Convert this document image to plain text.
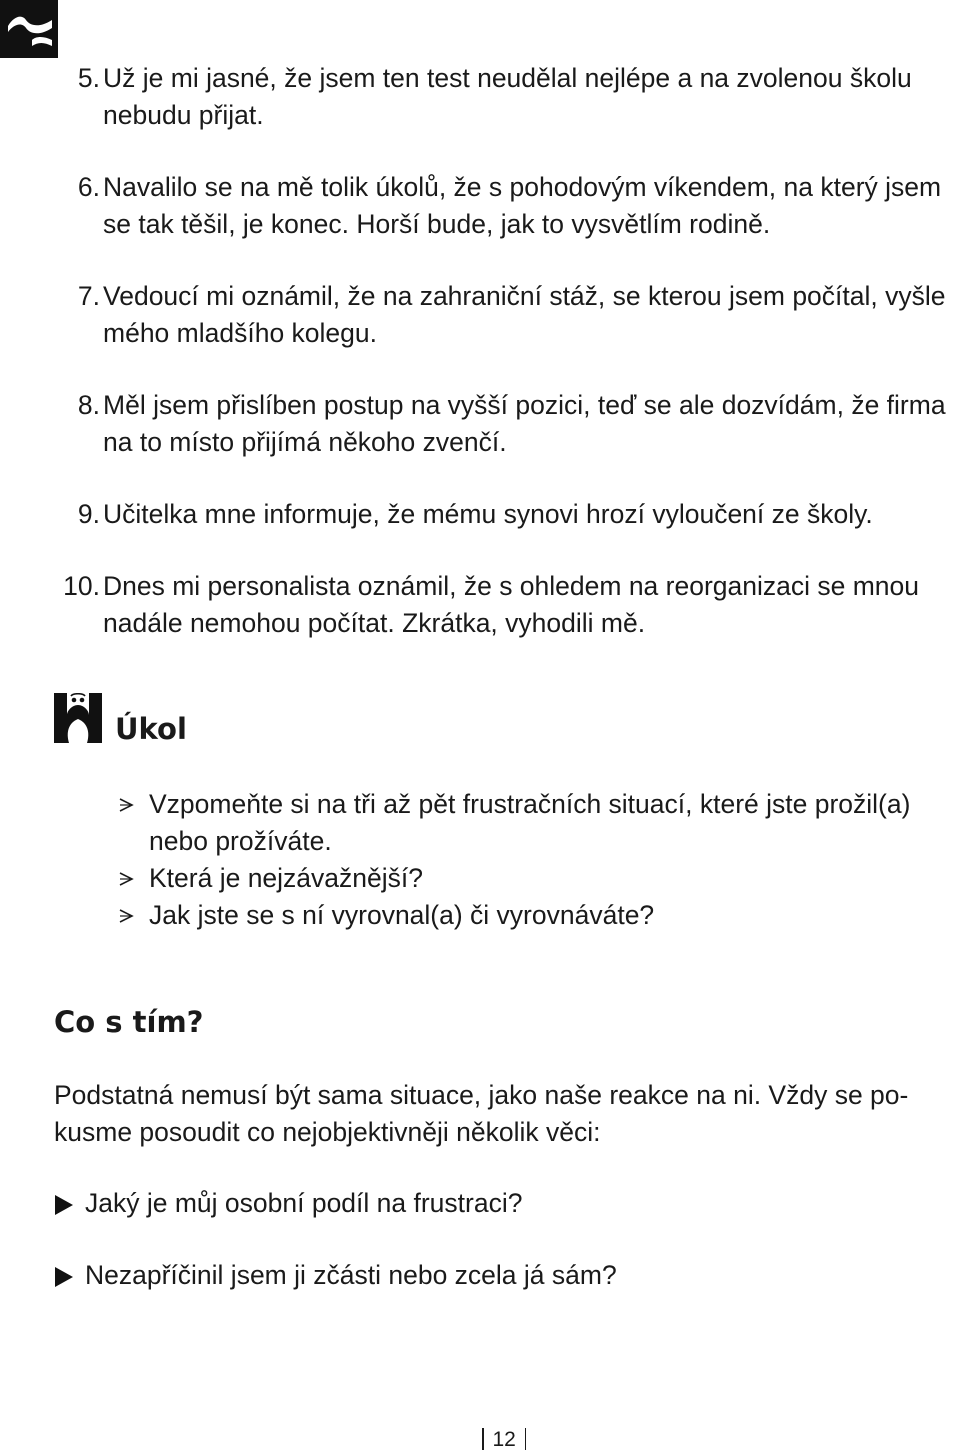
5. Už je mi jasné, že jsem ten test neudělal nejlépe a na zvolenou školu nebudu přijat.
6. Navalilo se na mě tolik úkolů, že s pohodovým víkendem, na který jsem se tak těšil, je konec. Horší bude, jak to vysvětlím rodině.
7. Vedoucí mi oznámil, že na zahraniční stáž, se kterou jsem počítal, vyšle mého mladšího kolegu.
8. Měl jsem přislíben postup na vyšší pozici, teď se ale dozvídám, že firma na to místo přijímá někoho zvenčí.
9. Učitelka mne informuje, že mému synovi hrozí vyloučení ze školy.
10. Dnes mi personalista oznámil, že s ohledem na reorganizaci se mnou nadále nemohou počítat. Zkrátka, vyhodili mě.
Úkol
Vzpomeňte si na tři až pět frustračních situací, které jste prožil(a) nebo prožíváte.
Která je nejzávažnější?
Jak jste se s ní vyrovnal(a) či vyrovnáváte?
Co s tím?

Podstatná nemusí být sama situace, jako naše reakce na ni. Vždy se pokusme posoudit co nejobjektivněji několik věci:

Jaký je můj osobní podíl na frustraci?
Nezapříčinil jsem ji zčásti nebo zcela já sám?
12
